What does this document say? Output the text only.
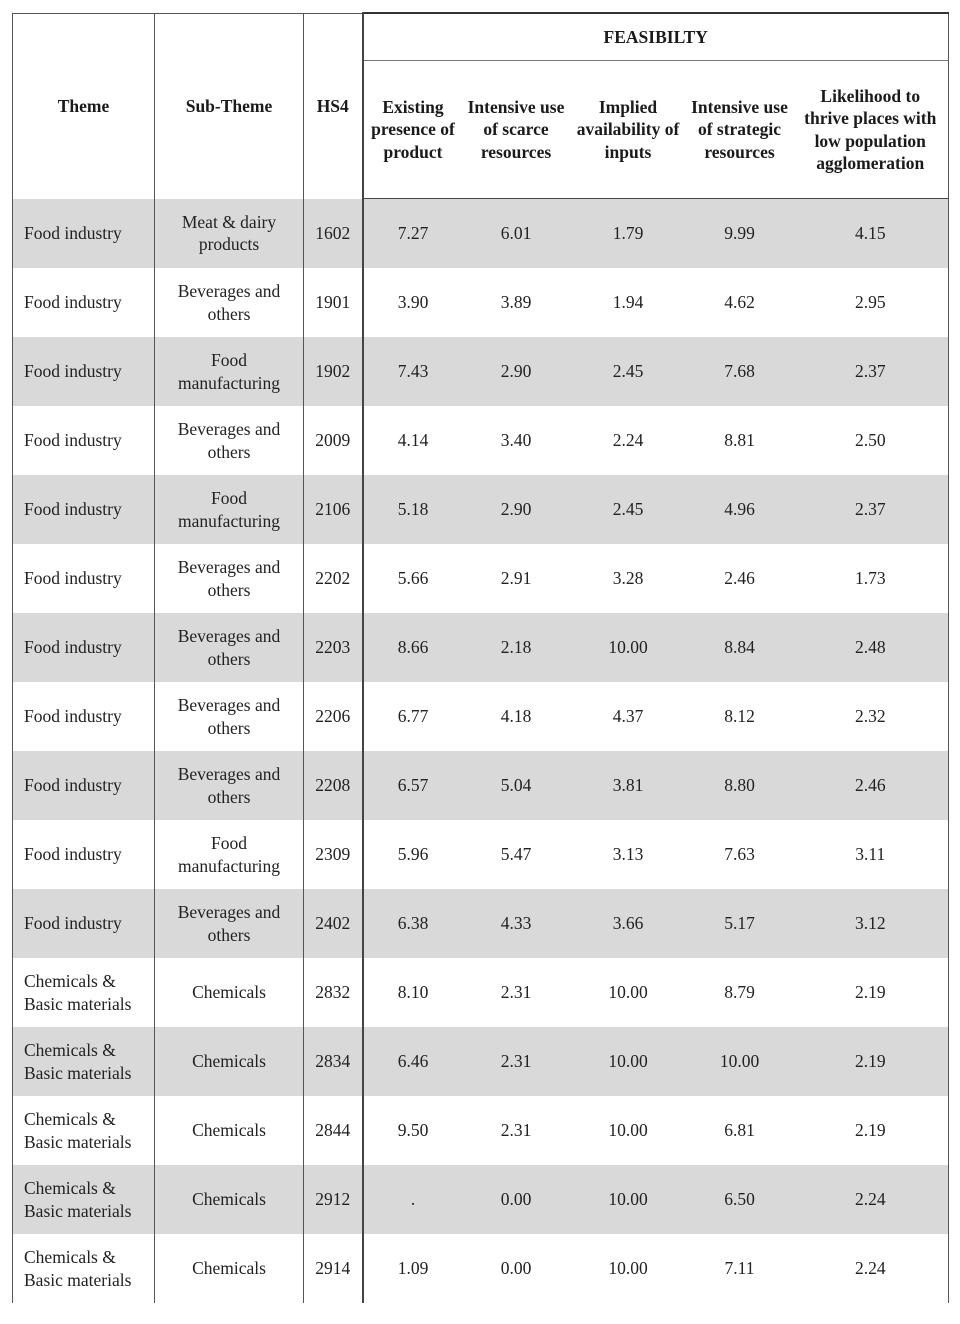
Theme	Sub-Theme	HS4	FEASIBILTY				
			Existing presence of product	Intensive use of scarce resources	Implied availability of inputs	Intensive use of strategic resources	Likelihood to thrive places with low population agglomeration
Food industry	Meat & dairy products	1602	7.27	6.01	1.79	9.99	4.15
Food industry	Beverages and others	1901	3.90	3.89	1.94	4.62	2.95
Food industry	Food manufacturing	1902	7.43	2.90	2.45	7.68	2.37
Food industry	Beverages and others	2009	4.14	3.40	2.24	8.81	2.50
Food industry	Food manufacturing	2106	5.18	2.90	2.45	4.96	2.37
Food industry	Beverages and others	2202	5.66	2.91	3.28	2.46	1.73
Food industry	Beverages and others	2203	8.66	2.18	10.00	8.84	2.48
Food industry	Beverages and others	2206	6.77	4.18	4.37	8.12	2.32
Food industry	Beverages and others	2208	6.57	5.04	3.81	8.80	2.46
Food industry	Food manufacturing	2309	5.96	5.47	3.13	7.63	3.11
Food industry	Beverages and others	2402	6.38	4.33	3.66	5.17	3.12
Chemicals & Basic materials	Chemicals	2832	8.10	2.31	10.00	8.79	2.19
Chemicals & Basic materials	Chemicals	2834	6.46	2.31	10.00	10.00	2.19
Chemicals & Basic materials	Chemicals	2844	9.50	2.31	10.00	6.81	2.19
Chemicals & Basic materials	Chemicals	2912	.	0.00	10.00	6.50	2.24
Chemicals & Basic materials	Chemicals	2914	1.09	0.00	10.00	7.11	2.24
